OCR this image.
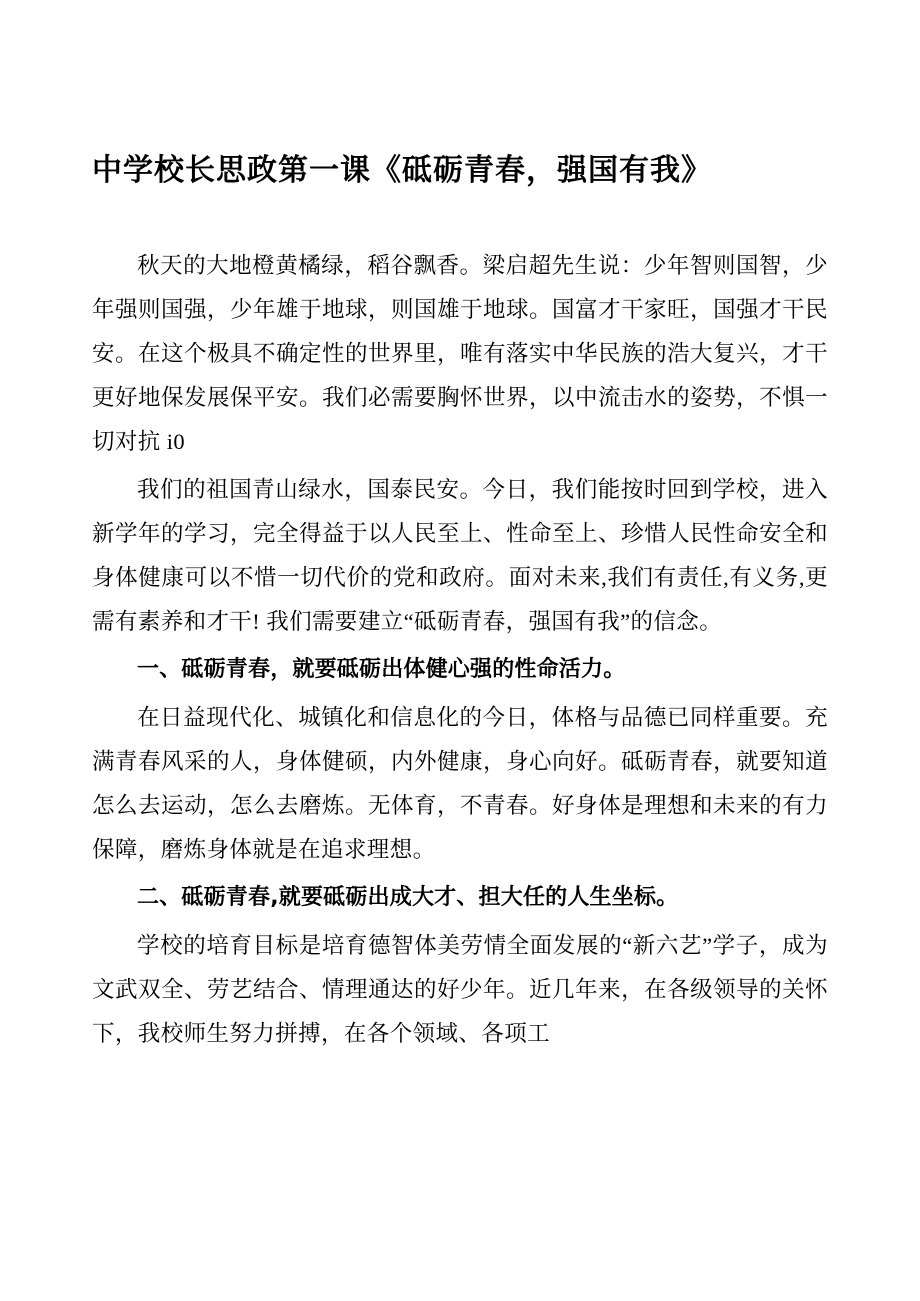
中学校长思政第一课《砥砺青春，强国有我》

秋天的大地橙黄橘绿，稻谷飘香。梁启超先生说：少年智则国智，少年强则国强，少年雄于地球，则国雄于地球。国富才干家旺，国强才干民安。在这个极具不确定性的世界里，唯有落实中华民族的浩大复兴，才干更好地保发展保平安。我们必需要胸怀世界，以中流击水的姿势，不惧一切对抗 i0

我们的祖国青山绿水，国泰民安。今日，我们能按时回到学校，进入新学年的学习，完全得益于以人民至上、性命至上、珍惜人民性命安全和身体健康可以不惜一切代价的党和政府。面对未来,我们有责任,有义务,更需有素养和才干! 我们需要建立“砥砺青春，强国有我”的信念。

一、砥砺青春，就要砥砺出体健心强的性命活力。

在日益现代化、城镇化和信息化的今日，体格与品德已同样重要。充满青春风采的人，身体健硕，内外健康，身心向好。砥砺青春，就要知道怎么去运动，怎么去磨炼。无体育，不青春。好身体是理想和未来的有力保障，磨炼身体就是在追求理想。

二、砥砺青春,就要砥砺出成大才、担大任的人生坐标。

学校的培育目标是培育德智体美劳情全面发展的“新六艺”学子，成为文武双全、劳艺结合、情理通达的好少年。近几年来，在各级领导的关怀下，我校师生努力拼搏，在各个领域、各项工
